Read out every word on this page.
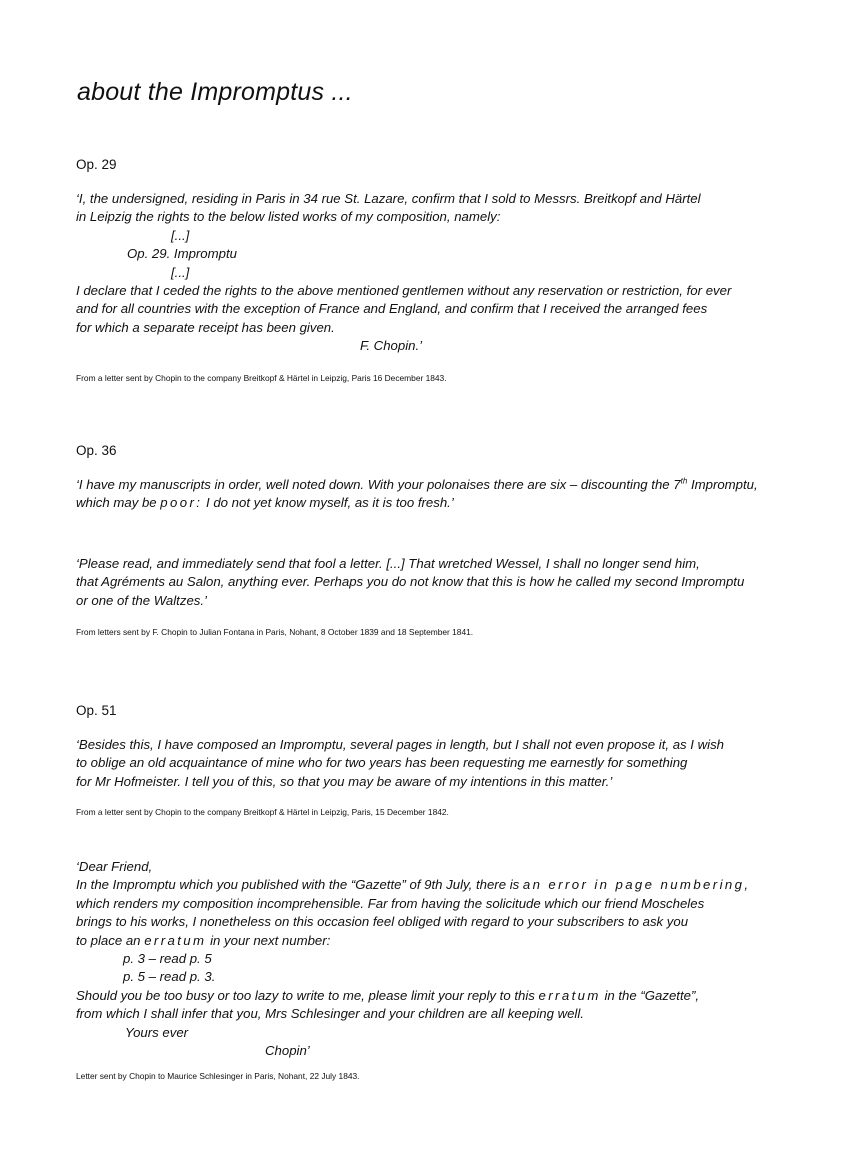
about the Impromptus ...

Op. 29

‘I, the undersigned, residing in Paris in 34 rue St. Lazare, confirm that I sold to Messrs. Breitkopf and Härtel
in Leipzig the rights to the below listed works of my composition, namely:
[...]
Op. 29. Impromptu
[...]
I declare that I ceded the rights to the above mentioned gentlemen without any reservation or restriction, for ever
and for all countries with the exception of France and England, and confirm that I received the arranged fees
for which a separate receipt has been given.
F. Chopin.’

From a letter sent by Chopin to the company Breitkopf & Härtel in Leipzig, Paris 16 December 1843.

Op. 36

‘I have my manuscripts in order, well noted down. With your polonaises there are six – discounting the 7th Impromptu,
which may be poor: I do not yet know myself, as it is too fresh.’
‘Please read, and immediately send that fool a letter. [...] That wretched Wessel, I shall no longer send him,
that Agréments au Salon, anything ever. Perhaps you do not know that this is how he called my second Impromptu
or one of the Waltzes.’

From letters sent by F. Chopin to Julian Fontana in Paris, Nohant, 8 October 1839 and 18 September 1841.

Op. 51

‘Besides this, I have composed an Impromptu, several pages in length, but I shall not even propose it, as I wish
to oblige an old acquaintance of mine who for two years has been requesting me earnestly for something
for Mr Hofmeister. I tell you of this, so that you may be aware of my intentions in this matter.’

From a letter sent by Chopin to the company Breitkopf & Härtel in Leipzig, Paris, 15 December 1842.

‘Dear Friend,
In the Impromptu which you published with the “Gazette” of 9th July, there is an error in page numbering,
which renders my composition incomprehensible. Far from having the solicitude which our friend Moscheles
brings to his works, I nonetheless on this occasion feel obliged with regard to your subscribers to ask you
to place an erratum in your next number:
p. 3 – read p. 5
p. 5 – read p. 3.
Should you be too busy or too lazy to write to me, please limit your reply to this erratum in the “Gazette”,
from which I shall infer that you, Mrs Schlesinger and your children are all keeping well.
Yours ever
Chopin’

Letter sent by Chopin to Maurice Schlesinger in Paris, Nohant, 22 July 1843.
